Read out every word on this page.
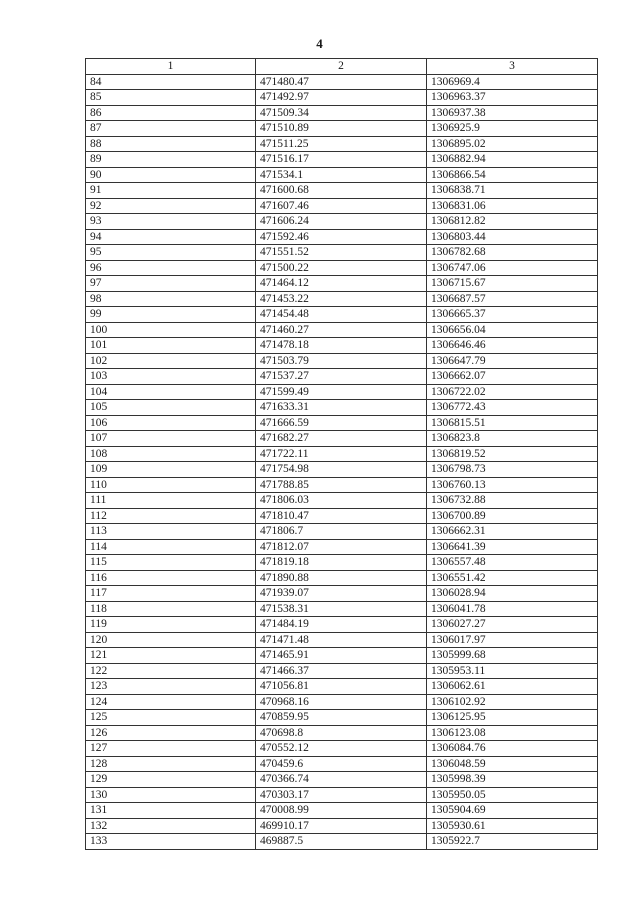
4
1	2	3
84	471480.47	1306969.4
85	471492.97	1306963.37
86	471509.34	1306937.38
87	471510.89	1306925.9
88	471511.25	1306895.02
89	471516.17	1306882.94
90	471534.1	1306866.54
91	471600.68	1306838.71
92	471607.46	1306831.06
93	471606.24	1306812.82
94	471592.46	1306803.44
95	471551.52	1306782.68
96	471500.22	1306747.06
97	471464.12	1306715.67
98	471453.22	1306687.57
99	471454.48	1306665.37
100	471460.27	1306656.04
101	471478.18	1306646.46
102	471503.79	1306647.79
103	471537.27	1306662.07
104	471599.49	1306722.02
105	471633.31	1306772.43
106	471666.59	1306815.51
107	471682.27	1306823.8
108	471722.11	1306819.52
109	471754.98	1306798.73
110	471788.85	1306760.13
111	471806.03	1306732.88
112	471810.47	1306700.89
113	471806.7	1306662.31
114	471812.07	1306641.39
115	471819.18	1306557.48
116	471890.88	1306551.42
117	471939.07	1306028.94
118	471538.31	1306041.78
119	471484.19	1306027.27
120	471471.48	1306017.97
121	471465.91	1305999.68
122	471466.37	1305953.11
123	471056.81	1306062.61
124	470968.16	1306102.92
125	470859.95	1306125.95
126	470698.8	1306123.08
127	470552.12	1306084.76
128	470459.6	1306048.59
129	470366.74	1305998.39
130	470303.17	1305950.05
131	470008.99	1305904.69
132	469910.17	1305930.61
133	469887.5	1305922.7
